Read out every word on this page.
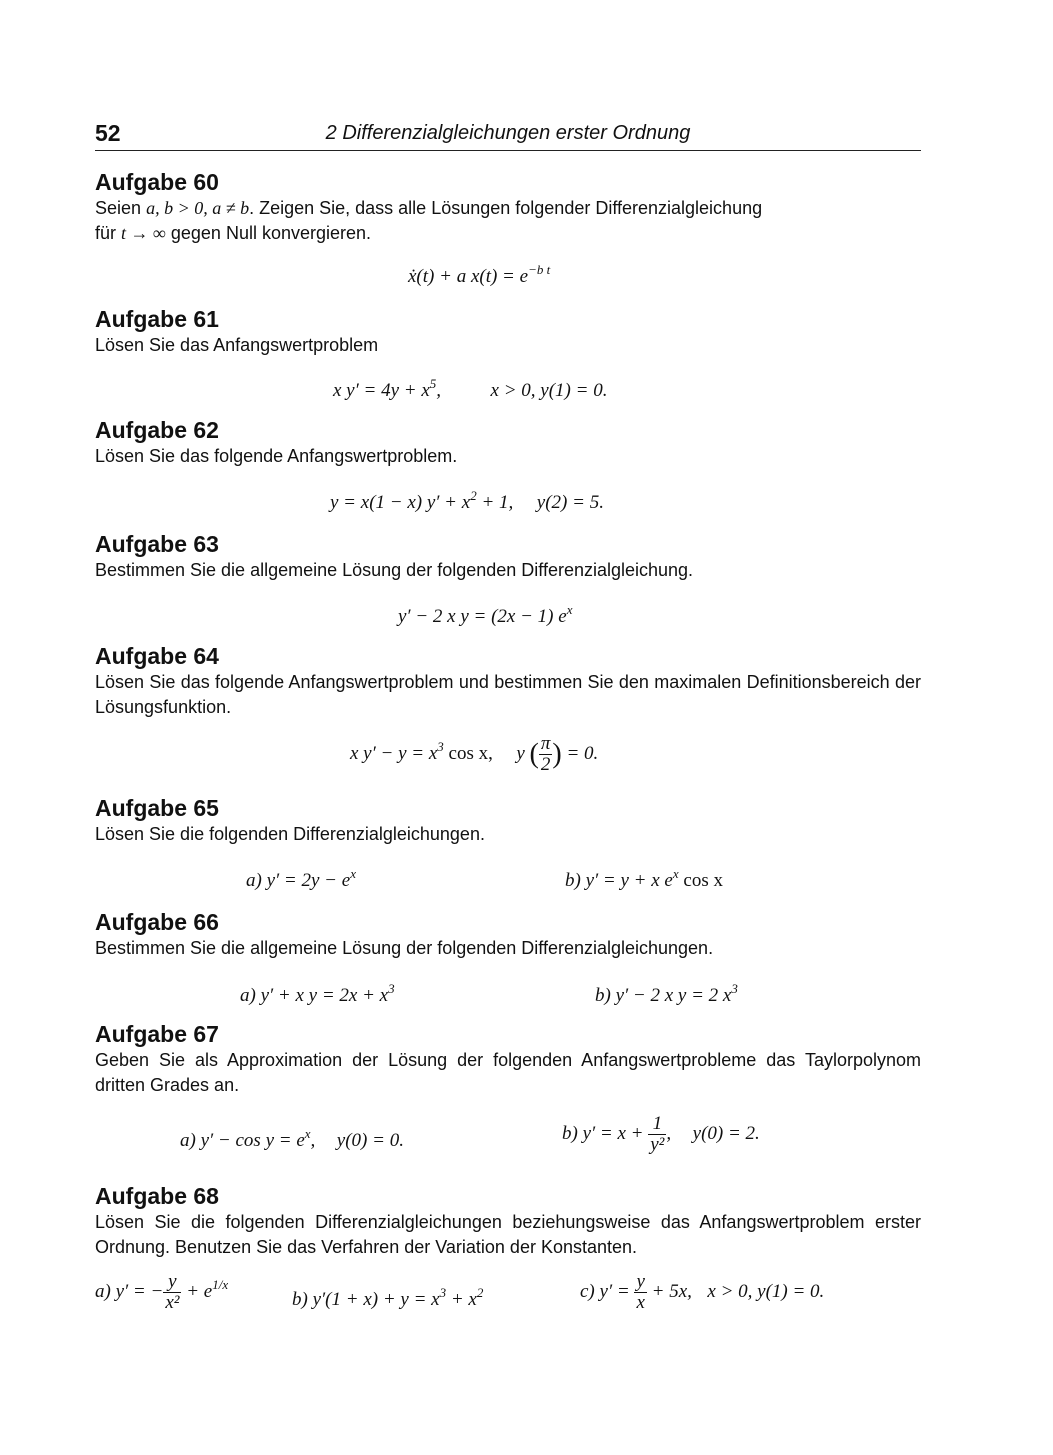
52	2 Differenzialgleichungen erster Ordnung
Aufgabe 60

Seien a, b > 0, a ≠ b. Zeigen Sie, dass alle Lösungen folgender Differenzialgleichung
für t → ∞ gegen Null konvergieren.

ẋ(t) + a $x(t) = e^{-b t}$
Aufgabe 61

Lösen Sie das Anfangswertproblem

x $y' = 4y + x^5$,	x > 0, y(1) = 0.
Aufgabe 62

Lösen Sie das folgende Anfangswertproblem.

y = x(1 − x) $y' + x^2 + 1$, y(2) = 5.
Aufgabe 63

Bestimmen Sie die allgemeine Lösung der folgenden Differenzialgleichung.

y′ − 2 x y = (2x − 1) $e^x$
Aufgabe 64

Lösen Sie das folgende Anfangswertproblem und bestimmen Sie den maximalen Definitionsbereich der Lösungsfunktion.

x $y' - y = x^3$ cos x, y ( $\frac{\pi}{2}$ ) = 0.
Aufgabe 65

Lösen Sie die folgenden Differenzialgleichungen.

a) $y' = 2y - e^x$	b) y′ = y + x $e^x$ cos x
Aufgabe 66

Bestimmen Sie die allgemeine Lösung der folgenden Differenzialgleichungen.

a) y′ + x $y = 2x + x^3$	b) y′ − 2 x y = 2 $x^3$
Aufgabe 67

Geben Sie als Approximation der Lösung der folgenden Anfangswertprobleme das Taylorpolynom dritten Grades an.

a) $y' - \cos y = e^x$, y(0) = 0.	b) $y' = x + \frac{1}{\text{y²}}$ , y(0) = 2.
Aufgabe 68

Lösen Sie die folgenden Differenzialgleichungen beziehungsweise das Anfangswertproblem erster Ordnung. Benutzen Sie das Verfahren der Variation der Konstanten.

a) y′ = − $\frac{y}{\text{x²}} + e^{1/x}$
b) $y'(1 + x) + y = x^3 + x^2$	c) $y' = \frac{y}{x} + 5x$, x > 0, y(1) = 0.
